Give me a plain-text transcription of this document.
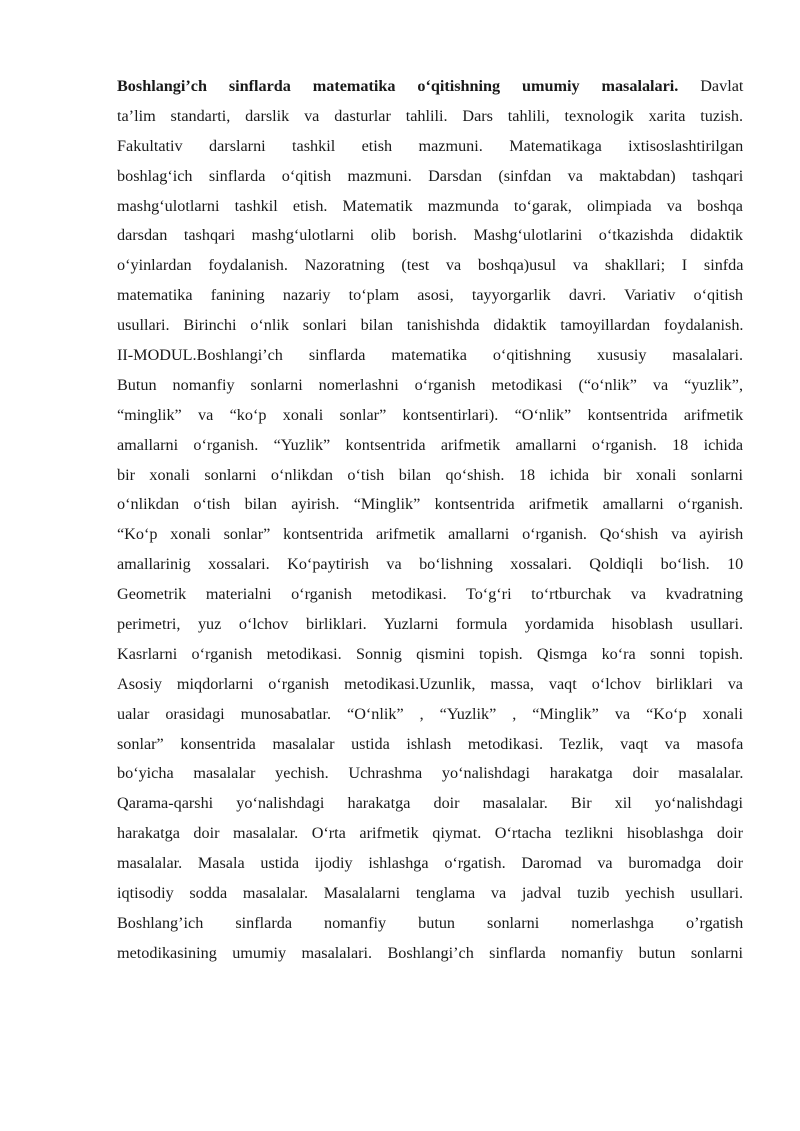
Boshlangi’ch sinflarda matematika o‘qitishning umumiy masalalari. Davlat
ta’lim standarti, darslik va dasturlar tahlili. Dars tahlili, texnologik xarita tuzish.
Fakultativ darslarni tashkil etish mazmuni. Matematikaga ixtisoslashtirilgan
boshlag‘ich sinflarda o‘qitish mazmuni. Darsdan (sinfdan va maktabdan) tashqari
mashg‘ulotlarni tashkil etish. Matematik mazmunda to‘garak, olimpiada va boshqa
darsdan tashqari mashg‘ulotlarni olib borish. Mashg‘ulotlarini o‘tkazishda didaktik
o‘yinlardan foydalanish. Nazoratning (test va boshqa)usul va shakllari; I sinfda
matematika fanining nazariy to‘plam asosi, tayyorgarlik davri. Variativ o‘qitish
usullari. Birinchi o‘nlik sonlari bilan tanishishda didaktik tamoyillardan foydalanish.
II-MODUL.Boshlangi’ch sinflarda matematika o‘qitishning xususiy masalalari.
Butun nomanfiy sonlarni nomerlashni o‘rganish metodikasi (“o‘nlik” va “yuzlik”,
“minglik” va “ko‘p xonali sonlar” kontsentirlari). “O‘nlik” kontsentrida arifmetik
amallarni o‘rganish. “Yuzlik” kontsentrida arifmetik amallarni o‘rganish. 18 ichida
bir xonali sonlarni o‘nlikdan o‘tish bilan qo‘shish. 18 ichida bir xonali sonlarni
o‘nlikdan o‘tish bilan ayirish. “Minglik” kontsentrida arifmetik amallarni o‘rganish.
“Ko‘p xonali sonlar” kontsentrida arifmetik amallarni o‘rganish. Qo‘shish va ayirish
amallarinig xossalari. Ko‘paytirish va bo‘lishning xossalari. Qoldiqli bo‘lish. 10
Geometrik materialni o‘rganish metodikasi. To‘g‘ri to‘rtburchak va kvadratning
perimetri, yuz o‘lchov birliklari. Yuzlarni formula yordamida hisoblash usullari.
Kasrlarni o‘rganish metodikasi. Sonnig qismini topish. Qismga ko‘ra sonni topish.
Asosiy miqdorlarni o‘rganish metodikasi.Uzunlik, massa, vaqt o‘lchov birliklari va
ualar orasidagi munosabatlar. “O‘nlik” , “Yuzlik” , “Minglik” va “Ko‘p xonali
sonlar” konsentrida masalalar ustida ishlash metodikasi. Tezlik, vaqt va masofa
bo‘yicha masalalar yechish. Uchrashma yo‘nalishdagi harakatga doir masalalar.
Qarama-qarshi yo‘nalishdagi harakatga doir masalalar. Bir xil yo‘nalishdagi
harakatga doir masalalar. O‘rta arifmetik qiymat. O‘rtacha tezlikni hisoblashga doir
masalalar. Masala ustida ijodiy ishlashga o‘rgatish. Daromad va buromadga doir
iqtisodiy sodda masalalar. Masalalarni tenglama va jadval tuzib yechish usullari.
Boshlang’ich sinflarda nomanfiy butun sonlarni nomerlashga o’rgatish
metodikasining umumiy masalalari. Boshlangi’ch sinflarda nomanfiy butun sonlarni
